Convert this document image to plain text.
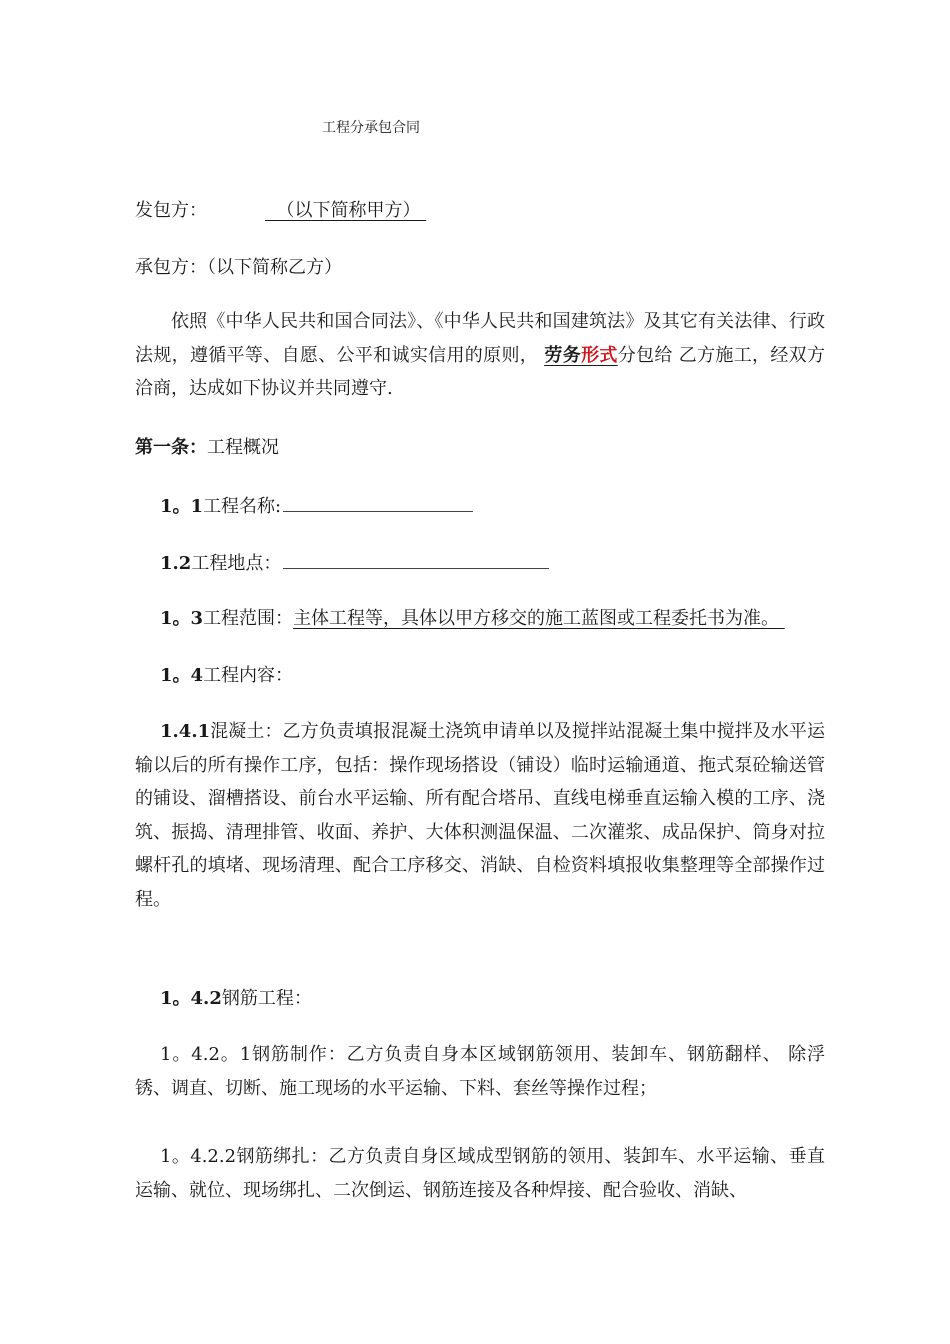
工程分承包合同
发包方：	（以下简称甲方）
承包方：（以下简称乙方）
依照《中华人民共和国合同法》、《中华人民共和国建筑法》及其它有关法律、行政法规，遵循平等、自愿、公平和诚实信用的原则， 劳务形式分包给 乙方施工，经双方洽商，达成如下协议并共同遵守.
第一条：工程概况
1。1工程名称:
1.2工程地点：
1。3工程范围：主体工程等，具体以甲方移交的施工蓝图或工程委托书为准。
1。4工程内容：
1.4.1混凝土：乙方负责填报混凝土浇筑申请单以及搅拌站混凝土集中搅拌及水平运输以后的所有操作工序，包括：操作现场搭设（铺设）临时运输通道、拖式泵砼输送管的铺设、溜槽搭设、前台水平运输、所有配合塔吊、直线电梯垂直运输入模的工序、浇筑、振捣、清理排管、收面、养护、大体积测温保温、二次灌浆、成品保护、筒身对拉螺杆孔的填堵、现场清理、配合工序移交、消缺、自检资料填报收集整理等全部操作过程。
1。4.2钢筋工程：
1。4.2。1钢筋制作：乙方负责自身本区域钢筋领用、装卸车、钢筋翻样、 除浮锈、调直、切断、施工现场的水平运输、下料、套丝等操作过程；
1。4.2.2钢筋绑扎：乙方负责自身区域成型钢筋的领用、装卸车、水平运输、垂直运输、就位、现场绑扎、二次倒运、钢筋连接及各种焊接、配合验收、消缺、
